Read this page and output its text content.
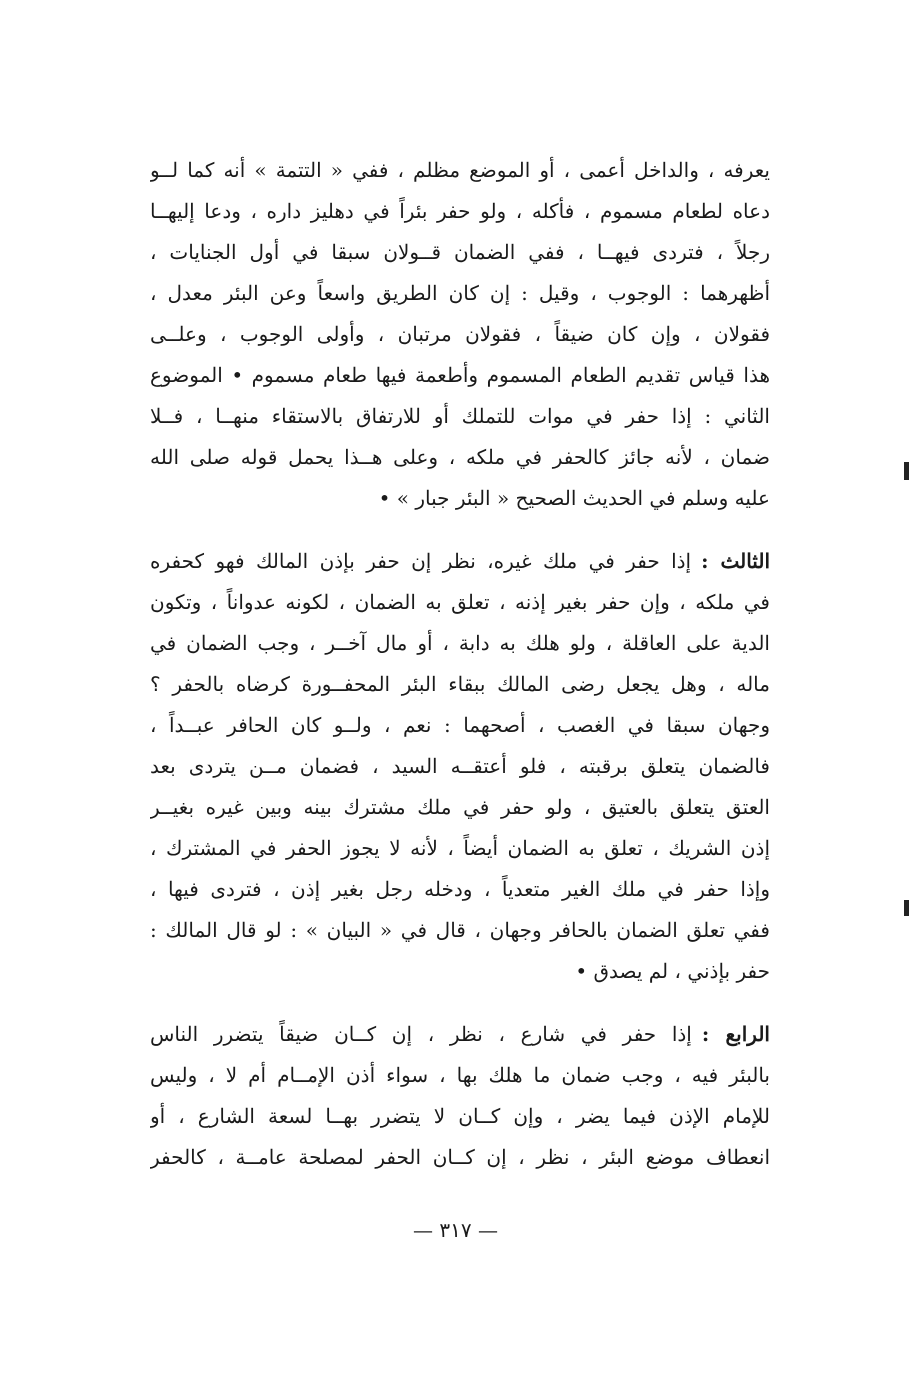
يعرفه ، والداخل أعمى ، أو الموضع مظلم ، ففي « التتمة » أنه كما لــو
دعاه لطعام مسموم ، فأكله ، ولو حفر بئراً في دهليز داره ، ودعا إليهــا
رجلاً ، فتردى فيهــا ، ففي الضمان قــولان سبقا في أول الجنايات ،
أظهرهما : الوجوب ، وقيل : إن كان الطريق واسعاً وعن البئر معدل ،
فقولان ، وإن كان ضيقاً ، فقولان مرتبان ، وأولى الوجوب ، وعلــى
هذا قياس تقديم الطعام المسموم وأطعمة فيها طعام مسموم • الموضوع
الثاني : إذا حفر في موات للتملك أو للارتفاق بالاستقاء منهــا ، فــلا
ضمان ، لأنه جائز كالحفر في ملكه ، وعلى هــذا يحمل قوله صلى الله
عليه وسلم في الحديث الصحيح « البئر جبار » •
الثالث :إذا حفر في ملك غيره، نظر إن حفر بإذن المالك فهو كحفره
في ملكه ، وإن حفر بغير إذنه ، تعلق به الضمان ، لكونه عدواناً ، وتكون
الدية على العاقلة ، ولو هلك به دابة ، أو مال آخــر ، وجب الضمان في
ماله ، وهل يجعل رضى المالك ببقاء البئر المحفــورة كرضاه بالحفر ؟
وجهان سبقا في الغصب ، أصحهما : نعم ، ولــو كان الحافر عبــداً ،
فالضمان يتعلق برقبته ، فلو أعتقــه السيد ، فضمان مــن يتردى بعد
العتق يتعلق بالعتيق ، ولو حفر في ملك مشترك بينه وبين غيره بغيــر
إذن الشريك ، تعلق به الضمان أيضاً ، لأنه لا يجوز الحفر في المشترك ،
وإذا حفر في ملك الغير متعدياً ، ودخله رجل بغير إذن ، فتردى فيها ،
ففي تعلق الضمان بالحافر وجهان ، قال في « البيان » : لو قال المالك :
حفر بإذني ، لم يصدق •
الرابع :إذا حفر في شارع ، نظر ، إن كــان ضيقاً يتضرر الناس
بالبئر فيه ، وجب ضمان ما هلك بها ، سواء أذن الإمــام أم لا ، وليس
للإمام الإذن فيما يضر ، وإن كــان لا يتضرر بهــا لسعة الشارع ، أو
انعطاف موضع البئر ، نظر ، إن كــان الحفر لمصلحة عامــة ، كالحفر
— ٣١٧ —
